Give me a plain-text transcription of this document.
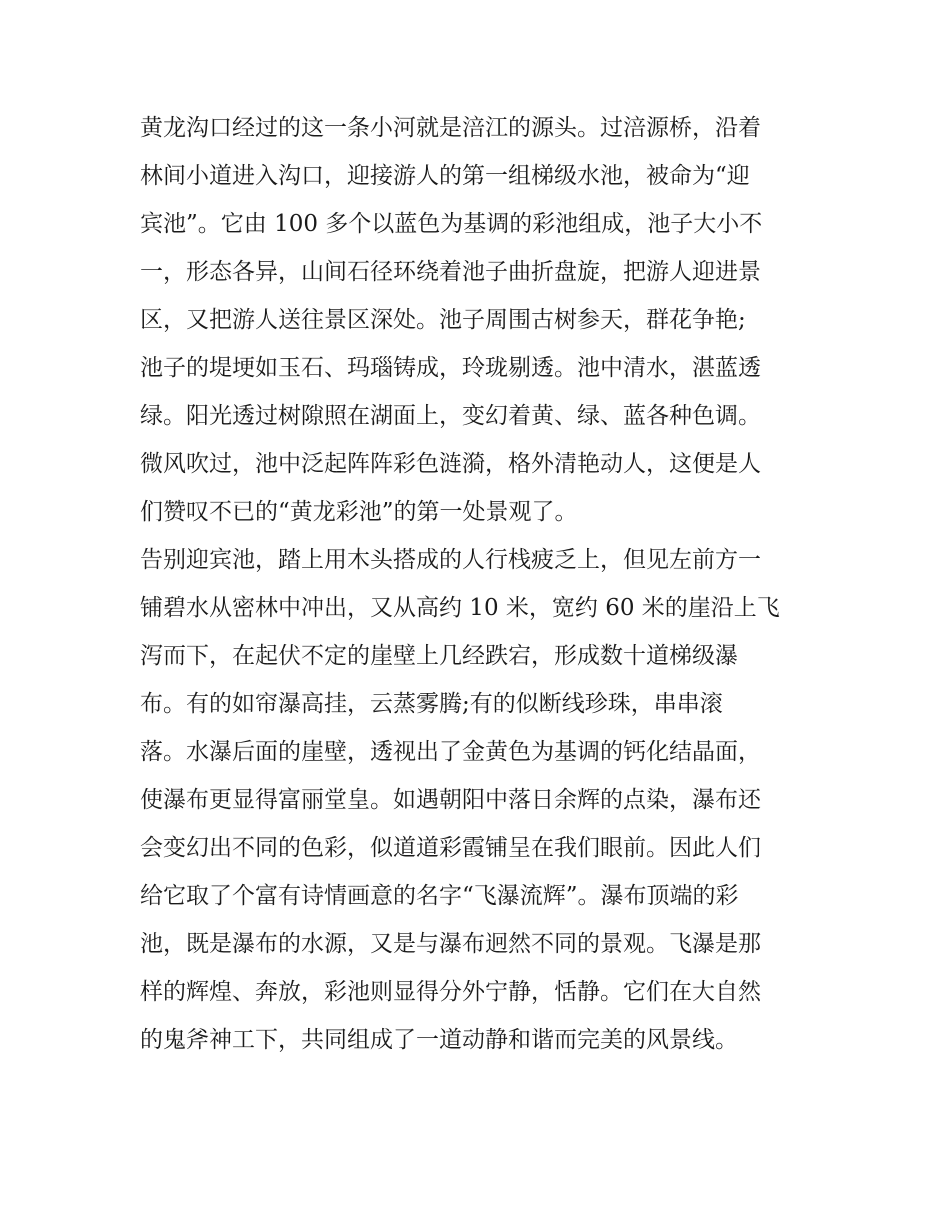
黄龙沟口经过的这一条小河就是涪江的源头。过涪源桥，沿着
林间小道进入沟口，迎接游人的第一组梯级水池，被命为“迎
宾池”。它由 100 多个以蓝色为基调的彩池组成，池子大小不
一，形态各异，山间石径环绕着池子曲折盘旋，把游人迎进景
区，又把游人送往景区深处。池子周围古树参天，群花争艳;
池子的堤埂如玉石、玛瑙铸成，玲珑剔透。池中清水，湛蓝透
绿。阳光透过树隙照在湖面上，变幻着黄、绿、蓝各种色调。
微风吹过，池中泛起阵阵彩色涟漪，格外清艳动人，这便是人
们赞叹不已的“黄龙彩池”的第一处景观了。
告别迎宾池，踏上用木头搭成的人行栈疲乏上，但见左前方一
铺碧水从密林中冲出，又从高约 10 米，宽约 60 米的崖沿上飞
泻而下，在起伏不定的崖壁上几经跌宕，形成数十道梯级瀑
布。有的如帘瀑高挂，云蒸雾腾;有的似断线珍珠，串串滚
落。水瀑后面的崖壁，透视出了金黄色为基调的钙化结晶面，
使瀑布更显得富丽堂皇。如遇朝阳中落日余辉的点染，瀑布还
会变幻出不同的色彩，似道道彩霞铺呈在我们眼前。因此人们
给它取了个富有诗情画意的名字“飞瀑流辉”。瀑布顶端的彩
池，既是瀑布的水源，又是与瀑布迥然不同的景观。飞瀑是那
样的辉煌、奔放，彩池则显得分外宁静，恬静。它们在大自然
的鬼斧神工下，共同组成了一道动静和谐而完美的风景线。
